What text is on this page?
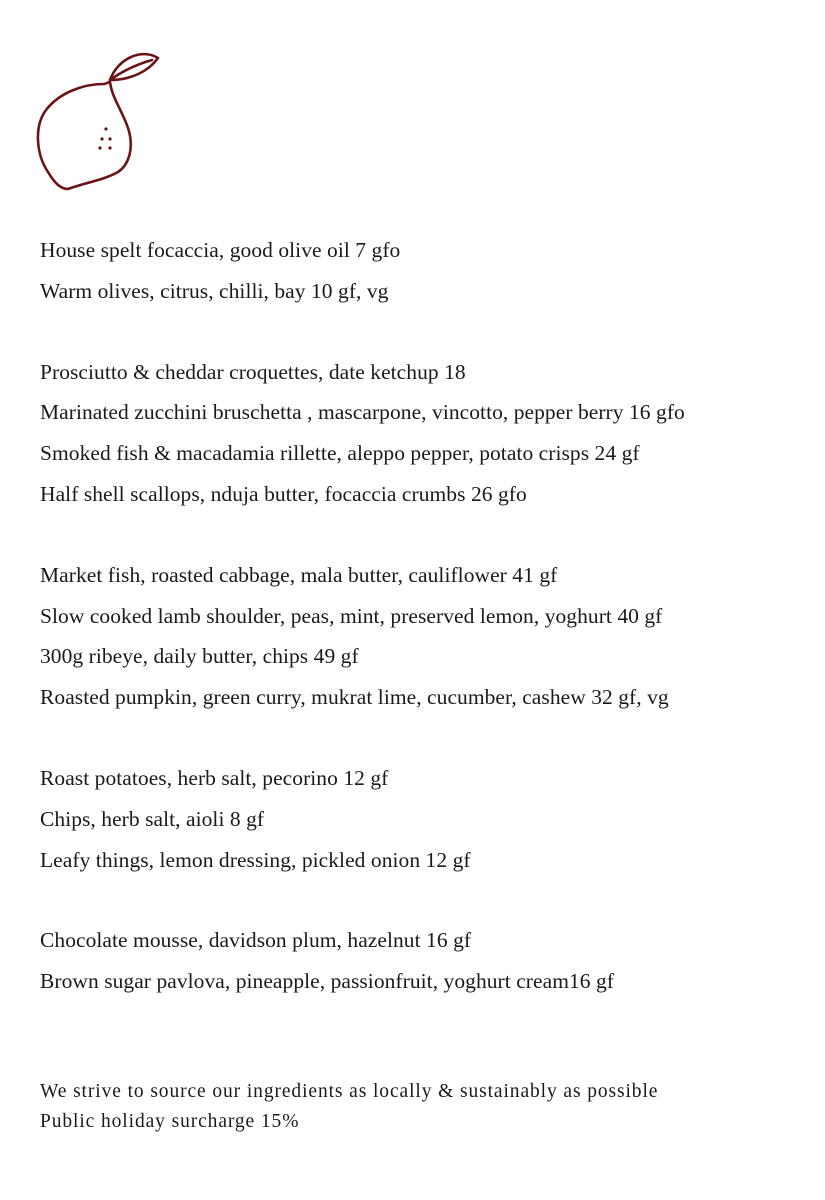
House spelt focaccia, good olive oil 7 gfo
Warm olives, citrus, chilli, bay 10 gf, vg
Prosciutto & cheddar croquettes, date ketchup 18
Marinated zucchini bruschetta , mascarpone, vincotto, pepper berry 16 gfo
Smoked fish & macadamia rillette, aleppo pepper, potato crisps 24 gf
Half shell scallops, nduja butter, focaccia crumbs 26 gfo
Market fish, roasted cabbage, mala butter, cauliflower 41 gf
Slow cooked lamb shoulder, peas, mint, preserved lemon, yoghurt 40 gf
300g ribeye, daily butter, chips 49 gf
Roasted pumpkin, green curry, mukrat lime, cucumber, cashew 32 gf, vg
Roast potatoes, herb salt, pecorino 12 gf
Chips, herb salt, aioli 8 gf
Leafy things, lemon dressing, pickled onion 12 gf
Chocolate mousse, davidson plum, hazelnut 16 gf
Brown sugar pavlova, pineapple, passionfruit, yoghurt cream16 gf
We strive to source our ingredients as locally & sustainably as possible
Public holiday surcharge 15%
